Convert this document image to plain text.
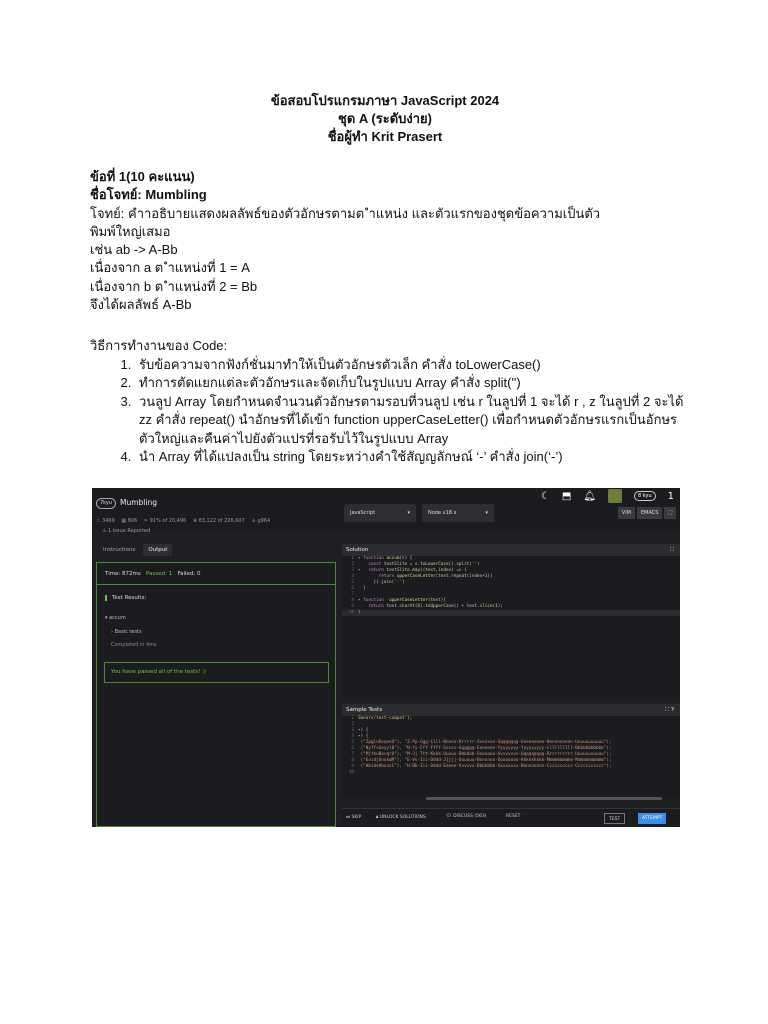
ข้อสอบโปรแกรมภาษา JavaScript 2024
ชุด A (ระดับง่าย)
ชื่อผู้ทำ Krit Prasert
ข้อที่ 1(10 คะแนน)
ชื่อโจทย์: Mumbling
โจทย์: คำาอธิบายแสดงผลลัพธ์ของตัวอักษรตามต ำแหน่ง และตัวแรกของชุดข้อความเป็นตัว
พิมพ์ใหญ่เสมอ
เช่น ab -> A-Bb
เนื่องจาก a ต ำแหน่งที่ 1 = A
เนื่องจาก b ต ำแหน่งที่ 2 = Bb
จึงได้ผลลัพธ์ A-Bb
วิธีการทำงานของ Code:
1. รับข้อความจากฟังก์ชั่นมาทำให้เป็นตัวอักษรตัวเล็ก คำสั่ง toLowerCase()
2. ทำการตัดแยกแต่ละตัวอักษรและจัดเก็บในรูปแบบ Array คำสั่ง split('')
3. วนลูป Array โดยกำหนดจำนวนตัวอักษรตามรอบที่วนลูป เช่น r ในลูปที่ 1 จะได้ r , z ในลูปที่ 2 จะได้ zz คำสั่ง repeat() นำอักษรที่ได้เข้า function upperCaseLetter() เพื่อกำหนดตัวอักษรแรกเป็นอักษรตัวใหญ่และคืนค่าไปยังตัวแปรที่รอรับไว้ในรูปแบบ Array
4. นำ Array ที่ได้แปลงเป็น string โดยระหว่างคำใช้สัญญลักษณ์ ‘-’ คำสั่ง join(‘-’)
7kyu	Mumbling
☆ 3469 ▦ 806 ✑ 91% of 20,496 ⊕ 83,122 of 226,607 ♙ g964
⚠ 1 Issue Reported
☾ ⬒ 🔔︎	8 kyu	1
Instructions	Output
Time: 872ms Passed: 1 Failed: 0
Test Results:
▾ accum
› Basic tests
Completed in 4ms
You have passed all of the tests! :)
JavaScript	▾	Node v18.x	▾	VIM	EMACS	⛶
Solution	⛶
1 ▾ function accum(s) {
2	const textSlite = s.toLowerCase().split('')
3 ▾ return textSlite.map((text,index) => {
4	return upperCaseLetter(text.repeat(index+1))
5      }).join('-')
6  }
7
8 ▾ function upperCaseLetter(text){
9	return text.charAt(0).toUpperCase() + text.slice(1);
10 }
Sample Tests	⛶ ❓︎
1 Smears/test-compat');
2
3 ▾) {
4 ▾) {
5 ("ZpglnRxqenU"), "Z-Pp-Ggg-Llll-Nnnnn-Rrrrrr-Xxxxxxx-Qqqqqqqq-Eeeeeeeee-Nnnnnnnnnn-Uuuuuuuuuuu");
6 ("NyffsGeyylB"), "N-Yy-Fff-Ffff-Sssss-Gggggg-Eeeeeee-Yyyyyyyy-Yyyyyyyyy-Llllllllll-Bbbbbbbbbbb");
7 ("MjtkuBovqrU"), "M-Jj-Ttt-Kkkk-Uuuuu-Bbbbbb-Ooooooo-Vvvvvvvv-Qqqqqqqqq-Rrrrrrrrrr-Uuuuuuuuuuu");
8 ("EvidjUnokmM"), "E-Vv-Iii-Dddd-Jjjjj-Uuuuuu-Nnnnnnn-Oooooooo-Kkkkkkkkk-Mmmmmmmmmm-Mmmmmmmmmmm");
9 ("HbideVbxncC"), "H-Bb-Iii-Dddd-Eeeee-Vvvvvv-Bbbbbbb-Xxxxxxxx-Nnnnnnnnn-Cccccccccc-Ccccccccccc");
10
⏭ SKIP	🔒︎ UNLOCK SOLUTIONS	💬︎ DISCUSS (563)	RESET
TEST	ATTEMPT
